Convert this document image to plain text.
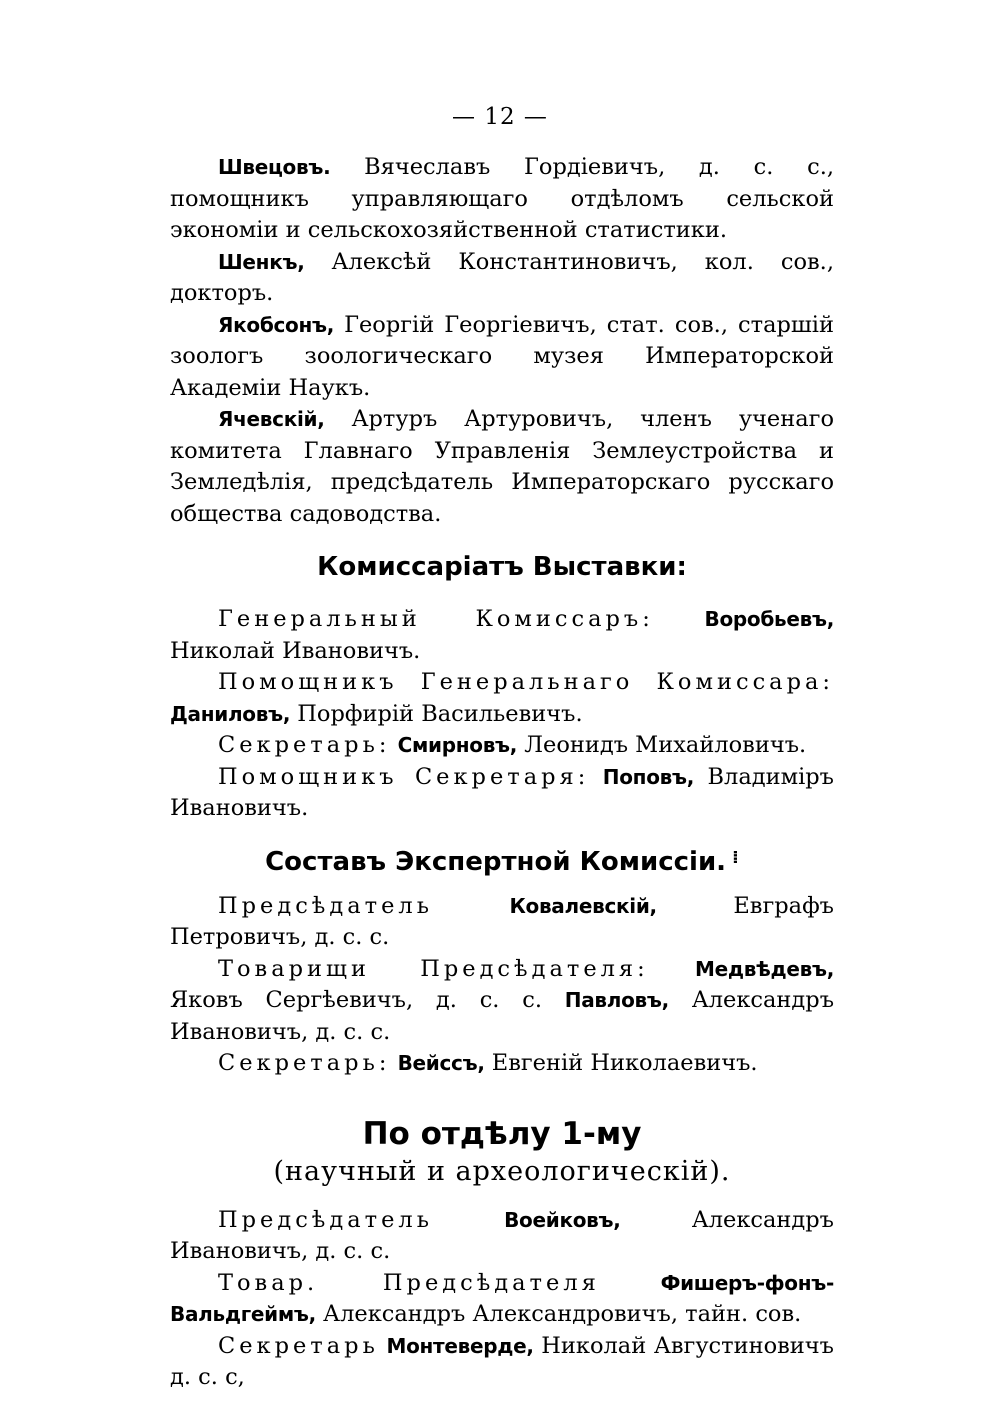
— 12 —

Швецовъ. Вячеславъ Гордіевичъ, д. с. с., помощникъ управляющаго отдѣломъ сельской экономіи и сельскохозяйственной статистики.

Шенкъ, Алексѣй Константиновичъ, кол. сов., докторъ.

Якобсонъ, Георгій Георгіевичъ, стат. сов., старшій зоологъ зоологическаго музея Императорской Академіи Наукъ.

Ячевскій, Артуръ Артуровичъ, членъ ученаго комитета Главнаго Управленія Землеустройства и Земледѣлія, предсѣдатель Императорскаго русскаго общества садоводства.

Комиссаріатъ Выставки:

Генеральный Комиссаръ:	Воробьевъ, Николай Ивановичъ.

Помощникъ Генеральнаго Комиссара: Даниловъ, Порфирій Васильевичъ.

Секретарь: Смирновъ, Леонидъ Михайловичъ.

Помощникъ Секретаря: Поповъ, Владиміръ Ивановичъ.

Составъ Экспертной Комиссіи. ⁞

Предсѣдатель	Ковалевскій, Евграфъ Петровичъ, д. с. с.

Товарищи Предсѣдателя: Медвѣдевъ, Яковъ Сергѣевичъ, д. с. с. Павловъ, Александръ Ивановичъ, д. с. с.

Секретарь: Вейссъ, Евгеній Николаевичъ.

По отдѣлу 1-му
(научный и археологическій).

Предсѣдатель	Воейковъ, Александръ Ивановичъ, д. с. с.

Товар. Предсѣдателя	Фишеръ-фонъ-Вальдгеймъ, Александръ Александровичъ, тайн. сов.

Секретарь Монтеверде, Николай Августиновичъ д. с. с,
